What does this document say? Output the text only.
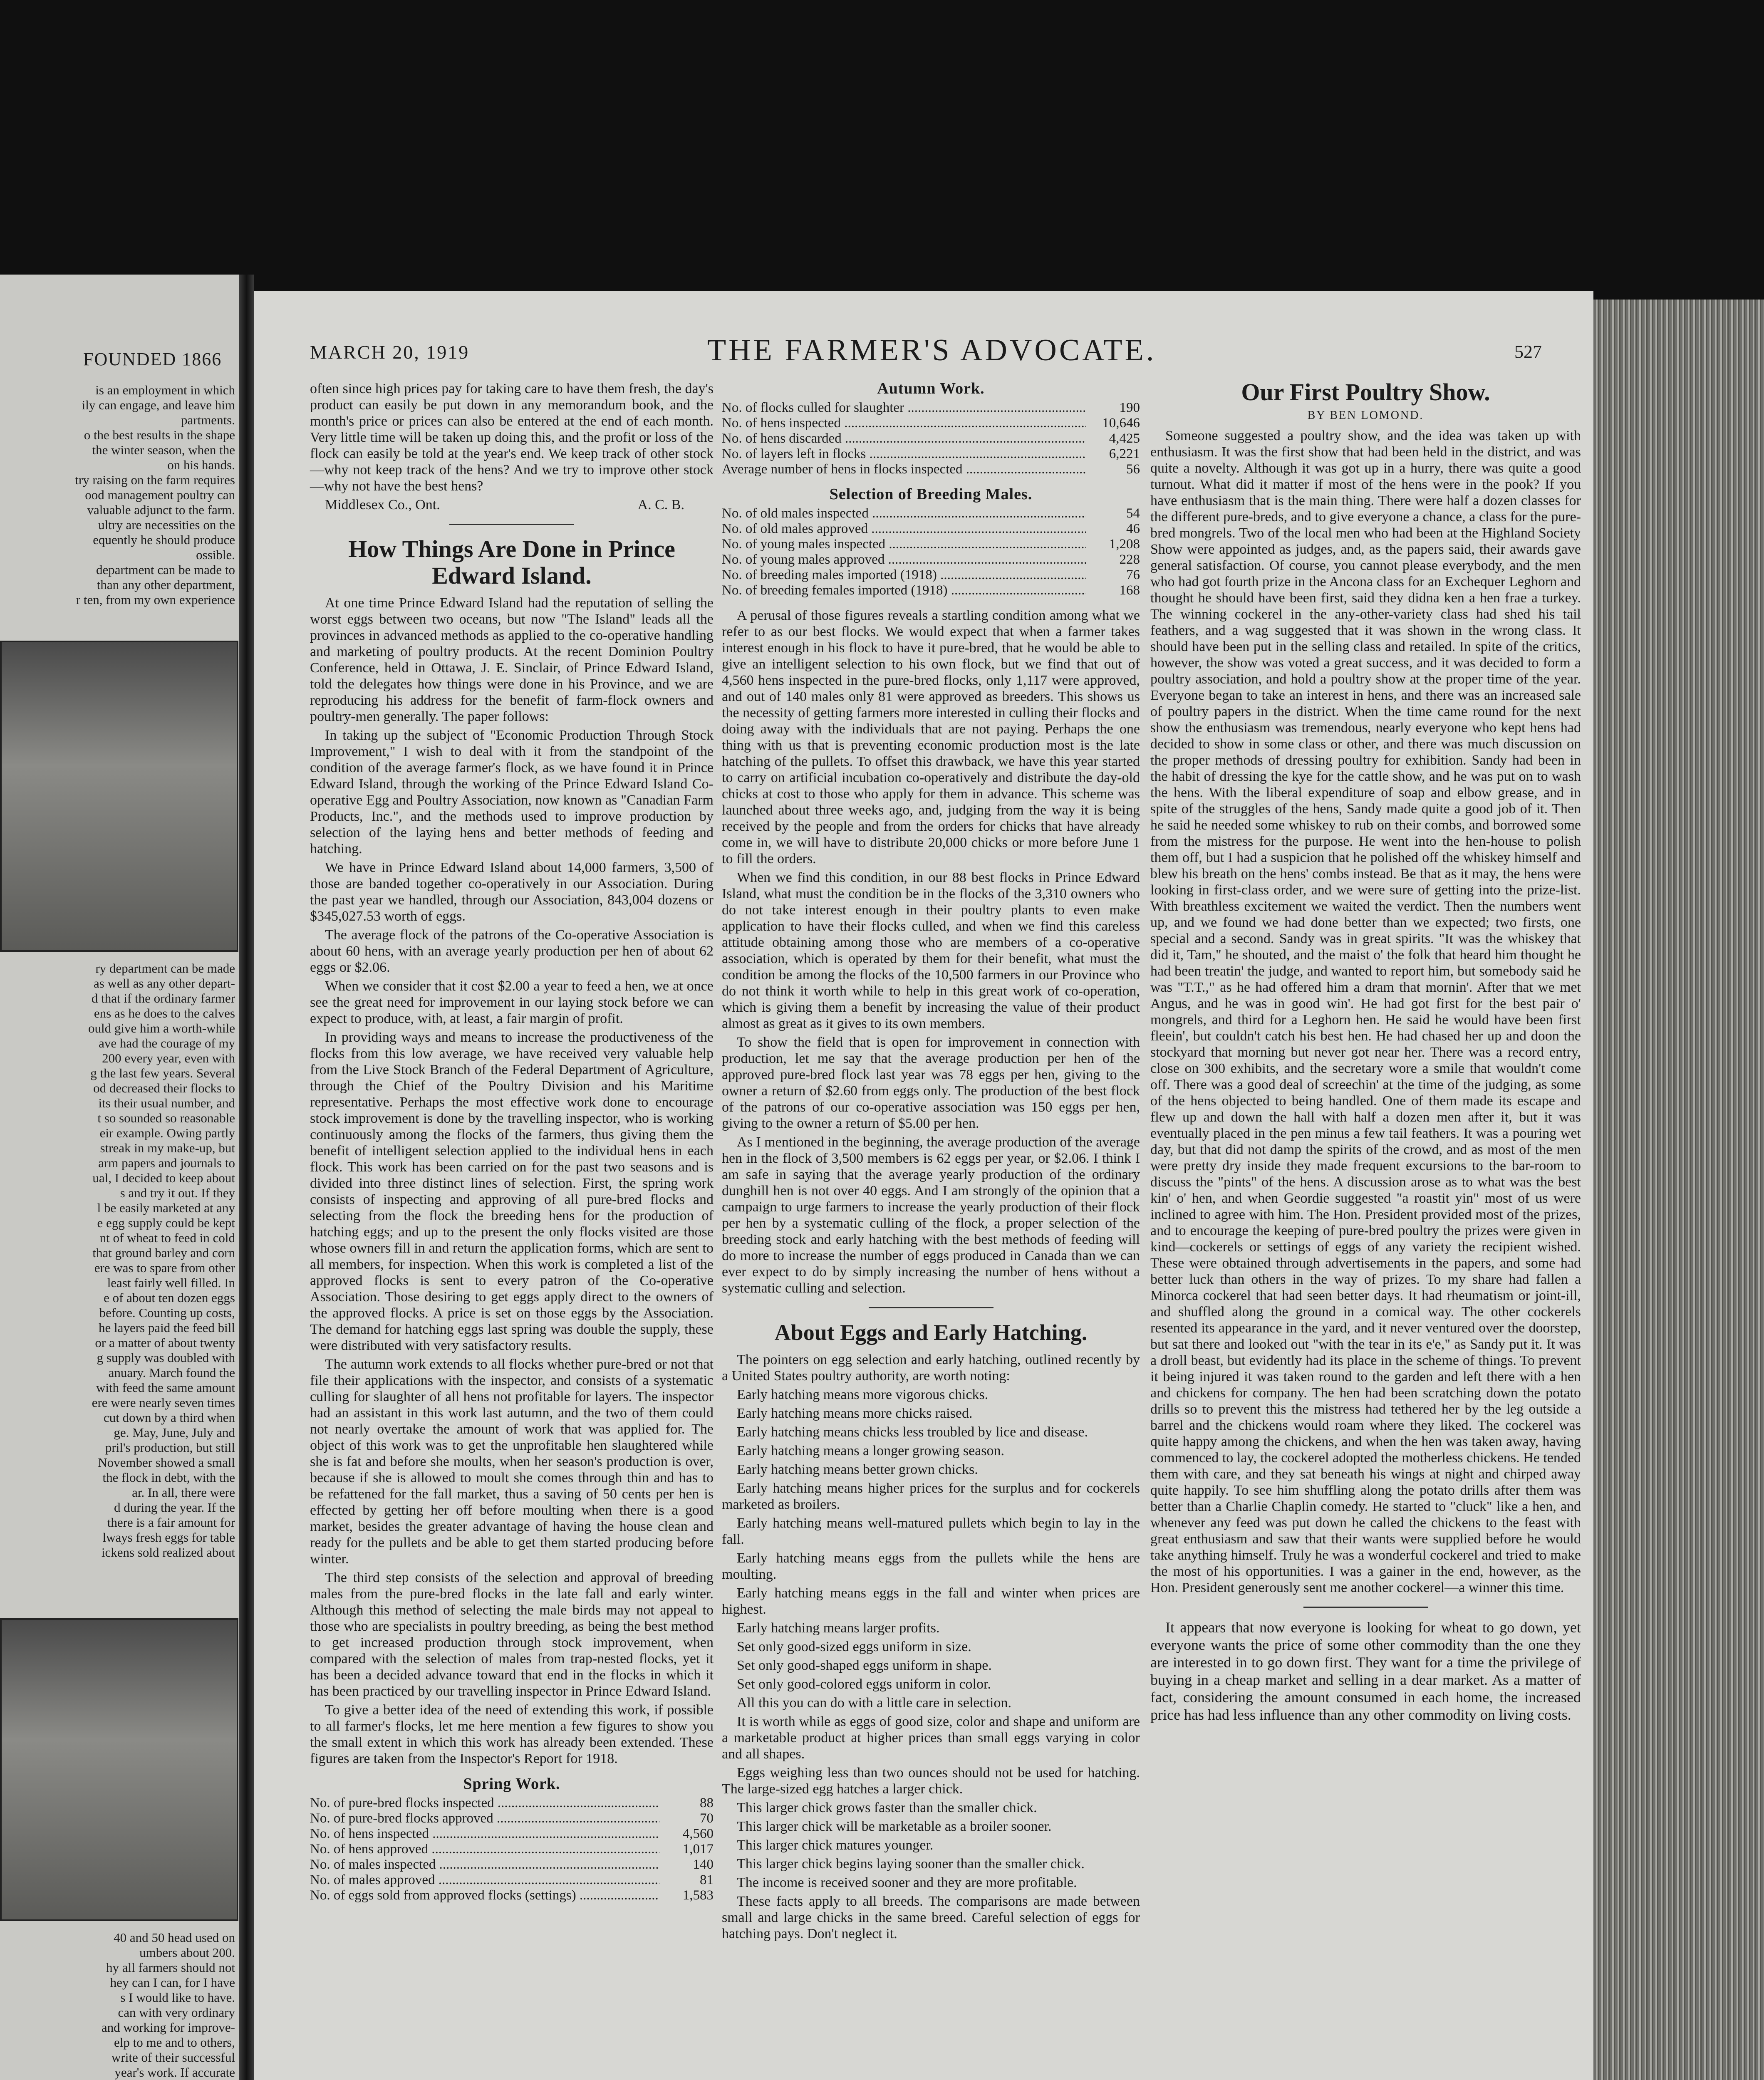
FOUNDED 1866
is an employment in which
ily can engage, and leave him
partments.
o the best results in the shape
the winter season, when the
on his hands.
try raising on the farm requires
ood management poultry can
valuable adjunct to the farm.
ultry are necessities on the
equently he should produce
ossible.
department can be made to
than any other department,
r ten, from my own experience
ry department can be made
as well as any other depart-
d that if the ordinary farmer
ens as he does to the calves
ould give him a worth-while
ave had the courage of my
200 every year, even with
g the last few years. Several
od decreased their flocks to
its their usual number, and
t so sounded so reasonable
eir example. Owing partly
streak in my make-up, but
arm papers and journals to
ual, I decided to keep about
s and try it out. If they
l be easily marketed at any
e egg supply could be kept
nt of wheat to feed in cold
that ground barley and corn
ere was to spare from other
least fairly well filled. In
e of about ten dozen eggs
before. Counting up costs,
he layers paid the feed bill
or a matter of about twenty
g supply was doubled with
anuary. March found the
with feed the same amount
ere were nearly seven times
cut down by a third when
ge. May, June, July and
pril's production, but still
November showed a small
the flock in debt, with the
ar. In all, there were
d during the year. If the
there is a fair amount for
lways fresh eggs for table
ickens sold realized about
40 and 50 head used on
umbers about 200.
hy all farmers should not
hey can I can, for I have
s I would like to have.
can with very ordinary
and working for improve-
elp to me and to others,
write of their successful
year's work. If accurate
MARCH 20, 1919	THE FARMER'S ADVOCATE.	527

often since high prices pay for taking care to have them fresh, the day's product can easily be put down in any memorandum book, and the month's price or prices can also be entered at the end of each month. Very little time will be taken up doing this, and the profit or loss of the flock can easily be told at the year's end. We keep track of other stock—why not keep track of the hens? And we try to improve other stock—why not have the best hens?

Middlesex Co., Ont.	A. C. B.
How Things Are Done in Prince Edward Island.

At one time Prince Edward Island had the reputation of selling the worst eggs between two oceans, but now "The Island" leads all the provinces in advanced methods as applied to the co-operative handling and marketing of poultry products. At the recent Dominion Poultry Conference, held in Ottawa, J. E. Sinclair, of Prince Edward Island, told the delegates how things were done in his Province, and we are reproducing his address for the benefit of farm-flock owners and poultry-men generally. The paper follows:

In taking up the subject of "Economic Production Through Stock Improvement," I wish to deal with it from the standpoint of the condition of the average farmer's flock, as we have found it in Prince Edward Island, through the working of the Prince Edward Island Co-operative Egg and Poultry Association, now known as "Canadian Farm Products, Inc.", and the methods used to improve production by selection of the laying hens and better methods of feeding and hatching.

We have in Prince Edward Island about 14,000 farmers, 3,500 of those are banded together co-operatively in our Association. During the past year we handled, through our Association, 843,004 dozens or $345,027.53 worth of eggs.

The average flock of the patrons of the Co-operative Association is about 60 hens, with an average yearly production per hen of about 62 eggs or $2.06.

When we consider that it cost $2.00 a year to feed a hen, we at once see the great need for improvement in our laying stock before we can expect to produce, with, at least, a fair margin of profit.

In providing ways and means to increase the productiveness of the flocks from this low average, we have received very valuable help from the Live Stock Branch of the Federal Department of Agriculture, through the Chief of the Poultry Division and his Maritime representative. Perhaps the most effective work done to encourage stock improvement is done by the travelling inspector, who is working continuously among the flocks of the farmers, thus giving them the benefit of intelligent selection applied to the individual hens in each flock. This work has been carried on for the past two seasons and is divided into three distinct lines of selection. First, the spring work consists of inspecting and approving of all pure-bred flocks and selecting from the flock the breeding hens for the production of hatching eggs; and up to the present the only flocks visited are those whose owners fill in and return the application forms, which are sent to all members, for inspection. When this work is completed a list of the approved flocks is sent to every patron of the Co-operative Association. Those desiring to get eggs apply direct to the owners of the approved flocks. A price is set on those eggs by the Association. The demand for hatching eggs last spring was double the supply, these were distributed with very satisfactory results.

The autumn work extends to all flocks whether pure-bred or not that file their applications with the inspector, and consists of a systematic culling for slaughter of all hens not profitable for layers. The inspector had an assistant in this work last autumn, and the two of them could not nearly overtake the amount of work that was applied for. The object of this work was to get the unprofitable hen slaughtered while she is fat and before she moults, when her season's production is over, because if she is allowed to moult she comes through thin and has to be refattened for the fall market, thus a saving of 50 cents per hen is effected by getting her off before moulting when there is a good market, besides the greater advantage of having the house clean and ready for the pullets and be able to get them started producing before winter.

The third step consists of the selection and approval of breeding males from the pure-bred flocks in the late fall and early winter. Although this method of selecting the male birds may not appeal to those who are specialists in poultry breeding, as being the best method to get increased production through stock improvement, when compared with the selection of males from trap-nested flocks, yet it has been a decided advance toward that end in the flocks in which it has been practiced by our travelling inspector in Prince Edward Island.

To give a better idea of the need of extending this work, if possible to all farmer's flocks, let me here mention a few figures to show you the small extent in which this work has already been extended. These figures are taken from the Inspector's Report for 1918.

Spring Work.
No. of pure-bred flocks inspected .....	88
No. of pure-bred flocks approved .....	70
No. of hens inspected .....	4,560
No. of hens approved .....	1,017
No. of males inspected .....	140
No. of males approved .....	81
No. of eggs sold from approved flocks (settings) .....	1,583
Autumn Work.
No. of flocks culled for slaughter .....	190
No. of hens inspected .....	10,646
No. of hens discarded .....	4,425
No. of layers left in flocks .....	6,221
Average number of hens in flocks inspected .....	56
Selection of Breeding Males.
No. of old males inspected .....	54
No. of old males approved .....	46
No. of young males inspected .....	1,208
No. of young males approved .....	228
No. of breeding males imported (1918) .....	76
No. of breeding females imported (1918) .....	168

A perusal of those figures reveals a startling condition among what we refer to as our best flocks. We would expect that when a farmer takes interest enough in his flock to have it pure-bred, that he would be able to give an intelligent selection to his own flock, but we find that out of 4,560 hens inspected in the pure-bred flocks, only 1,117 were approved, and out of 140 males only 81 were approved as breeders. This shows us the necessity of getting farmers more interested in culling their flocks and doing away with the individuals that are not paying. Perhaps the one thing with us that is preventing economic production most is the late hatching of the pullets. To offset this drawback, we have this year started to carry on artificial incubation co-operatively and distribute the day-old chicks at cost to those who apply for them in advance. This scheme was launched about three weeks ago, and, judging from the way it is being received by the people and from the orders for chicks that have already come in, we will have to distribute 20,000 chicks or more before June 1 to fill the orders.

When we find this condition, in our 88 best flocks in Prince Edward Island, what must the condition be in the flocks of the 3,310 owners who do not take interest enough in their poultry plants to even make application to have their flocks culled, and when we find this careless attitude obtaining among those who are members of a co-operative association, which is operated by them for their benefit, what must the condition be among the flocks of the 10,500 farmers in our Province who do not think it worth while to help in this great work of co-operation, which is giving them a benefit by increasing the value of their product almost as great as it gives to its own members.

To show the field that is open for improvement in connection with production, let me say that the average production per hen of the approved pure-bred flock last year was 78 eggs per hen, giving to the owner a return of $2.60 from eggs only. The production of the best flock of the patrons of our co-operative association was 150 eggs per hen, giving to the owner a return of $5.00 per hen.

As I mentioned in the beginning, the average production of the average hen in the flock of 3,500 members is 62 eggs per year, or $2.06. I think I am safe in saying that the average yearly production of the ordinary dunghill hen is not over 40 eggs. And I am strongly of the opinion that a campaign to urge farmers to increase the yearly production of their flock per hen by a systematic culling of the flock, a proper selection of the breeding stock and early hatching with the best methods of feeding will do more to increase the number of eggs produced in Canada than we can ever expect to do by simply increasing the number of hens without a systematic culling and selection.

About Eggs and Early Hatching.

The pointers on egg selection and early hatching, outlined recently by a United States poultry authority, are worth noting:

Early hatching means more vigorous chicks.

Early hatching means more chicks raised.

Early hatching means chicks less troubled by lice and disease.

Early hatching means a longer growing season.

Early hatching means better grown chicks.

Early hatching means higher prices for the surplus and for cockerels marketed as broilers.

Early hatching means well-matured pullets which begin to lay in the fall.

Early hatching means eggs from the pullets while the hens are moulting.

Early hatching means eggs in the fall and winter when prices are highest.

Early hatching means larger profits.

Set only good-sized eggs uniform in size.

Set only good-shaped eggs uniform in shape.

Set only good-colored eggs uniform in color.

All this you can do with a little care in selection.

It is worth while as eggs of good size, color and shape and uniform are a marketable product at higher prices than small eggs varying in color and all shapes.

Eggs weighing less than two ounces should not be used for hatching. The large-sized egg hatches a larger chick.

This larger chick grows faster than the smaller chick.

This larger chick will be marketable as a broiler sooner.

This larger chick matures younger.

This larger chick begins laying sooner than the smaller chick.

The income is received sooner and they are more profitable.

These facts apply to all breeds. The comparisons are made between small and large chicks in the same breed. Careful selection of eggs for hatching pays. Don't neglect it.

Our First Poultry Show.
BY BEN LOMOND.

Someone suggested a poultry show, and the idea was taken up with enthusiasm. It was the first show that had been held in the district, and was quite a novelty. Although it was got up in a hurry, there was quite a good turnout. What did it matter if most of the hens were in the pook? If you have enthusiasm that is the main thing. There were half a dozen classes for the different pure-breds, and to give everyone a chance, a class for the pure-bred mongrels. Two of the local men who had been at the Highland Society Show were appointed as judges, and, as the papers said, their awards gave general satisfaction. Of course, you cannot please everybody, and the men who had got fourth prize in the Ancona class for an Exchequer Leghorn and thought he should have been first, said they didna ken a hen frae a turkey. The winning cockerel in the any-other-variety class had shed his tail feathers, and a wag suggested that it was shown in the wrong class. It should have been put in the selling class and retailed. In spite of the critics, however, the show was voted a great success, and it was decided to form a poultry association, and hold a poultry show at the proper time of the year. Everyone began to take an interest in hens, and there was an increased sale of poultry papers in the district. When the time came round for the next show the enthusiasm was tremendous, nearly everyone who kept hens had decided to show in some class or other, and there was much discussion on the proper methods of dressing poultry for exhibition. Sandy had been in the habit of dressing the kye for the cattle show, and he was put on to wash the hens. With the liberal expenditure of soap and elbow grease, and in spite of the struggles of the hens, Sandy made quite a good job of it. Then he said he needed some whiskey to rub on their combs, and borrowed some from the mistress for the purpose. He went into the hen-house to polish them off, but I had a suspicion that he polished off the whiskey himself and blew his breath on the hens' combs instead. Be that as it may, the hens were looking in first-class order, and we were sure of getting into the prize-list. With breathless excitement we waited the verdict. Then the numbers went up, and we found we had done better than we expected; two firsts, one special and a second. Sandy was in great spirits. "It was the whiskey that did it, Tam," he shouted, and the maist o' the folk that heard him thought he had been treatin' the judge, and wanted to report him, but somebody said he was "T.T.," as he had offered him a dram that mornin'. After that we met Angus, and he was in good win'. He had got first for the best pair o' mongrels, and third for a Leghorn hen. He said he would have been first fleein', but couldn't catch his best hen. He had chased her up and doon the stockyard that morning but never got near her. There was a record entry, close on 300 exhibits, and the secretary wore a smile that wouldn't come off. There was a good deal of screechin' at the time of the judging, as some of the hens objected to being handled. One of them made its escape and flew up and down the hall with half a dozen men after it, but it was eventually placed in the pen minus a few tail feathers. It was a pouring wet day, but that did not damp the spirits of the crowd, and as most of the men were pretty dry inside they made frequent excursions to the bar-room to discuss the "pints" of the hens. A discussion arose as to what was the best kin' o' hen, and when Geordie suggested "a roastit yin" most of us were inclined to agree with him. The Hon. President provided most of the prizes, and to encourage the keeping of pure-bred poultry the prizes were given in kind—cockerels or settings of eggs of any variety the recipient wished. These were obtained through advertisements in the papers, and some had better luck than others in the way of prizes. To my share had fallen a Minorca cockerel that had seen better days. It had rheumatism or joint-ill, and shuffled along the ground in a comical way. The other cockerels resented its appearance in the yard, and it never ventured over the doorstep, but sat there and looked out "with the tear in its e'e," as Sandy put it. It was a droll beast, but evidently had its place in the scheme of things. To prevent it being injured it was taken round to the garden and left there with a hen and chickens for company. The hen had been scratching down the potato drills so to prevent this the mistress had tethered her by the leg outside a barrel and the chickens would roam where they liked. The cockerel was quite happy among the chickens, and when the hen was taken away, having commenced to lay, the cockerel adopted the motherless chickens. He tended them with care, and they sat beneath his wings at night and chirped away quite happily. To see him shuffling along the potato drills after them was better than a Charlie Chaplin comedy. He started to "cluck" like a hen, and whenever any feed was put down he called the chickens to the feast with great enthusiasm and saw that their wants were supplied before he would take anything himself. Truly he was a wonderful cockerel and tried to make the most of his opportunities. I was a gainer in the end, however, as the Hon. President generously sent me another cockerel—a winner this time.

It appears that now everyone is looking for wheat to go down, yet everyone wants the price of some other commodity than the one they are interested in to go down first. They want for a time the privilege of buying in a cheap market and selling in a dear market. As a matter of fact, considering the amount consumed in each home, the increased price has had less influence than any other commodity on living costs.
